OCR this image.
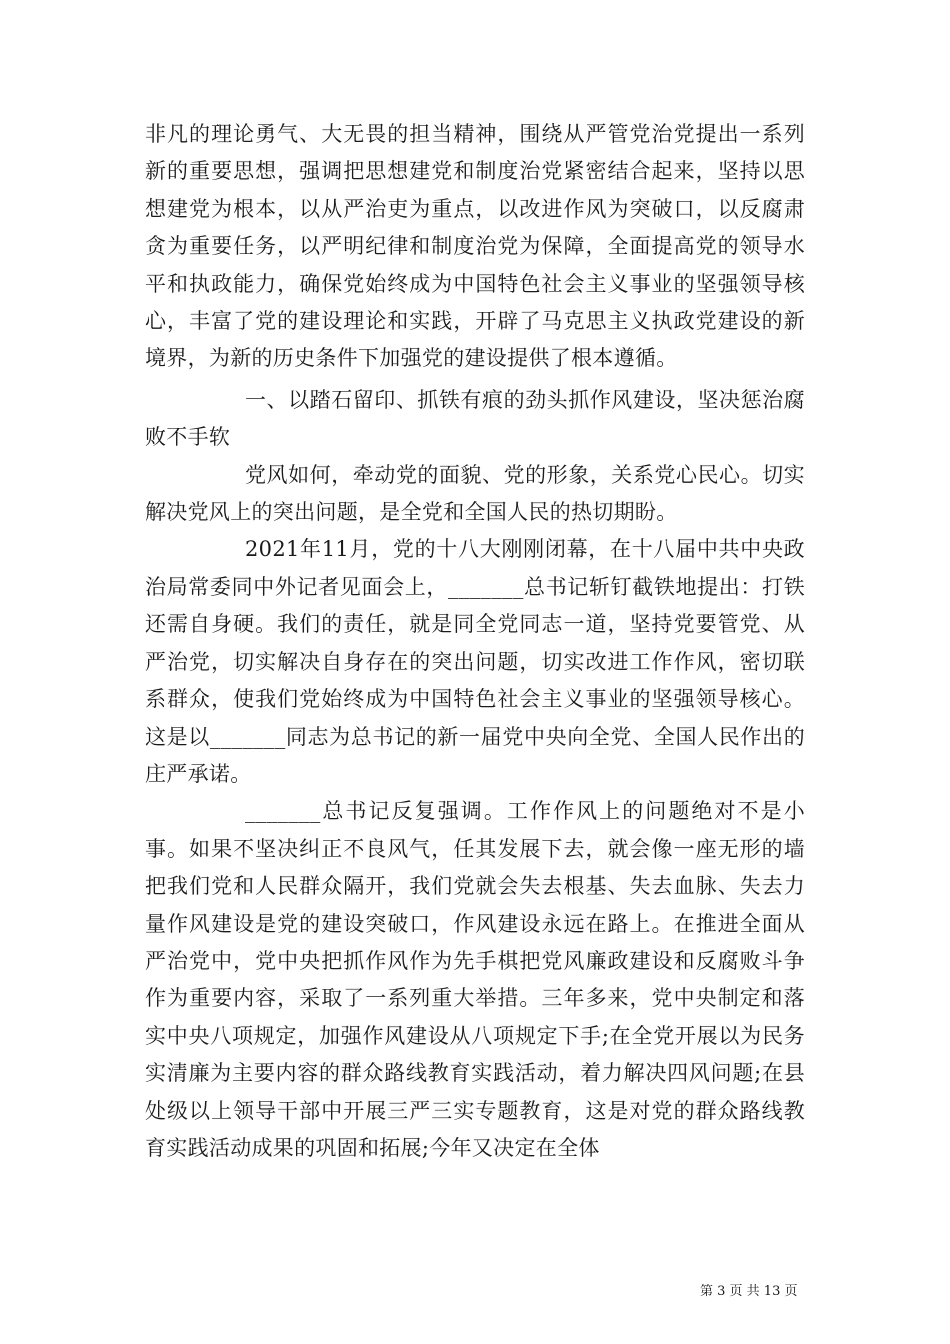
非凡的理论勇气、大无畏的担当精神，围绕从严管党治党提出一系列新的重要思想，强调把思想建党和制度治党紧密结合起来，坚持以思想建党为根本，以从严治吏为重点，以改进作风为突破口，以反腐肃贪为重要任务，以严明纪律和制度治党为保障，全面提高党的领导水平和执政能力，确保党始终成为中国特色社会主义事业的坚强领导核心，丰富了党的建设理论和实践，开辟了马克思主义执政党建设的新境界，为新的历史条件下加强党的建设提供了根本遵循。

一、以踏石留印、抓铁有痕的劲头抓作风建设，坚决惩治腐败不手软

党风如何，牵动党的面貌、党的形象，关系党心民心。切实解决党风上的突出问题，是全党和全国人民的热切期盼。

2021年11月，党的十八大刚刚闭幕，在十八届中共中央政治局常委同中外记者见面会上，_______总书记斩钉截铁地提出：打铁还需自身硬。我们的责任，就是同全党同志一道，坚持党要管党、从严治党，切实解决自身存在的突出问题，切实改进工作作风，密切联系群众，使我们党始终成为中国特色社会主义事业的坚强领导核心。这是以_______同志为总书记的新一届党中央向全党、全国人民作出的庄严承诺。

_______总书记反复强调。工作作风上的问题绝对不是小事。如果不坚决纠正不良风气，任其发展下去，就会像一座无形的墙把我们党和人民群众隔开，我们党就会失去根基、失去血脉、失去力量作风建设是党的建设突破口，作风建设永远在路上。在推进全面从严治党中，党中央把抓作风作为先手棋把党风廉政建设和反腐败斗争作为重要内容，采取了一系列重大举措。三年多来，党中央制定和落实中央八项规定，加强作风建设从八项规定下手;在全党开展以为民务实清廉为主要内容的群众路线教育实践活动，着力解决四风问题;在县处级以上领导干部中开展三严三实专题教育，这是对党的群众路线教育实践活动成果的巩固和拓展;今年又决定在全体

第 3 页 共 13 页
